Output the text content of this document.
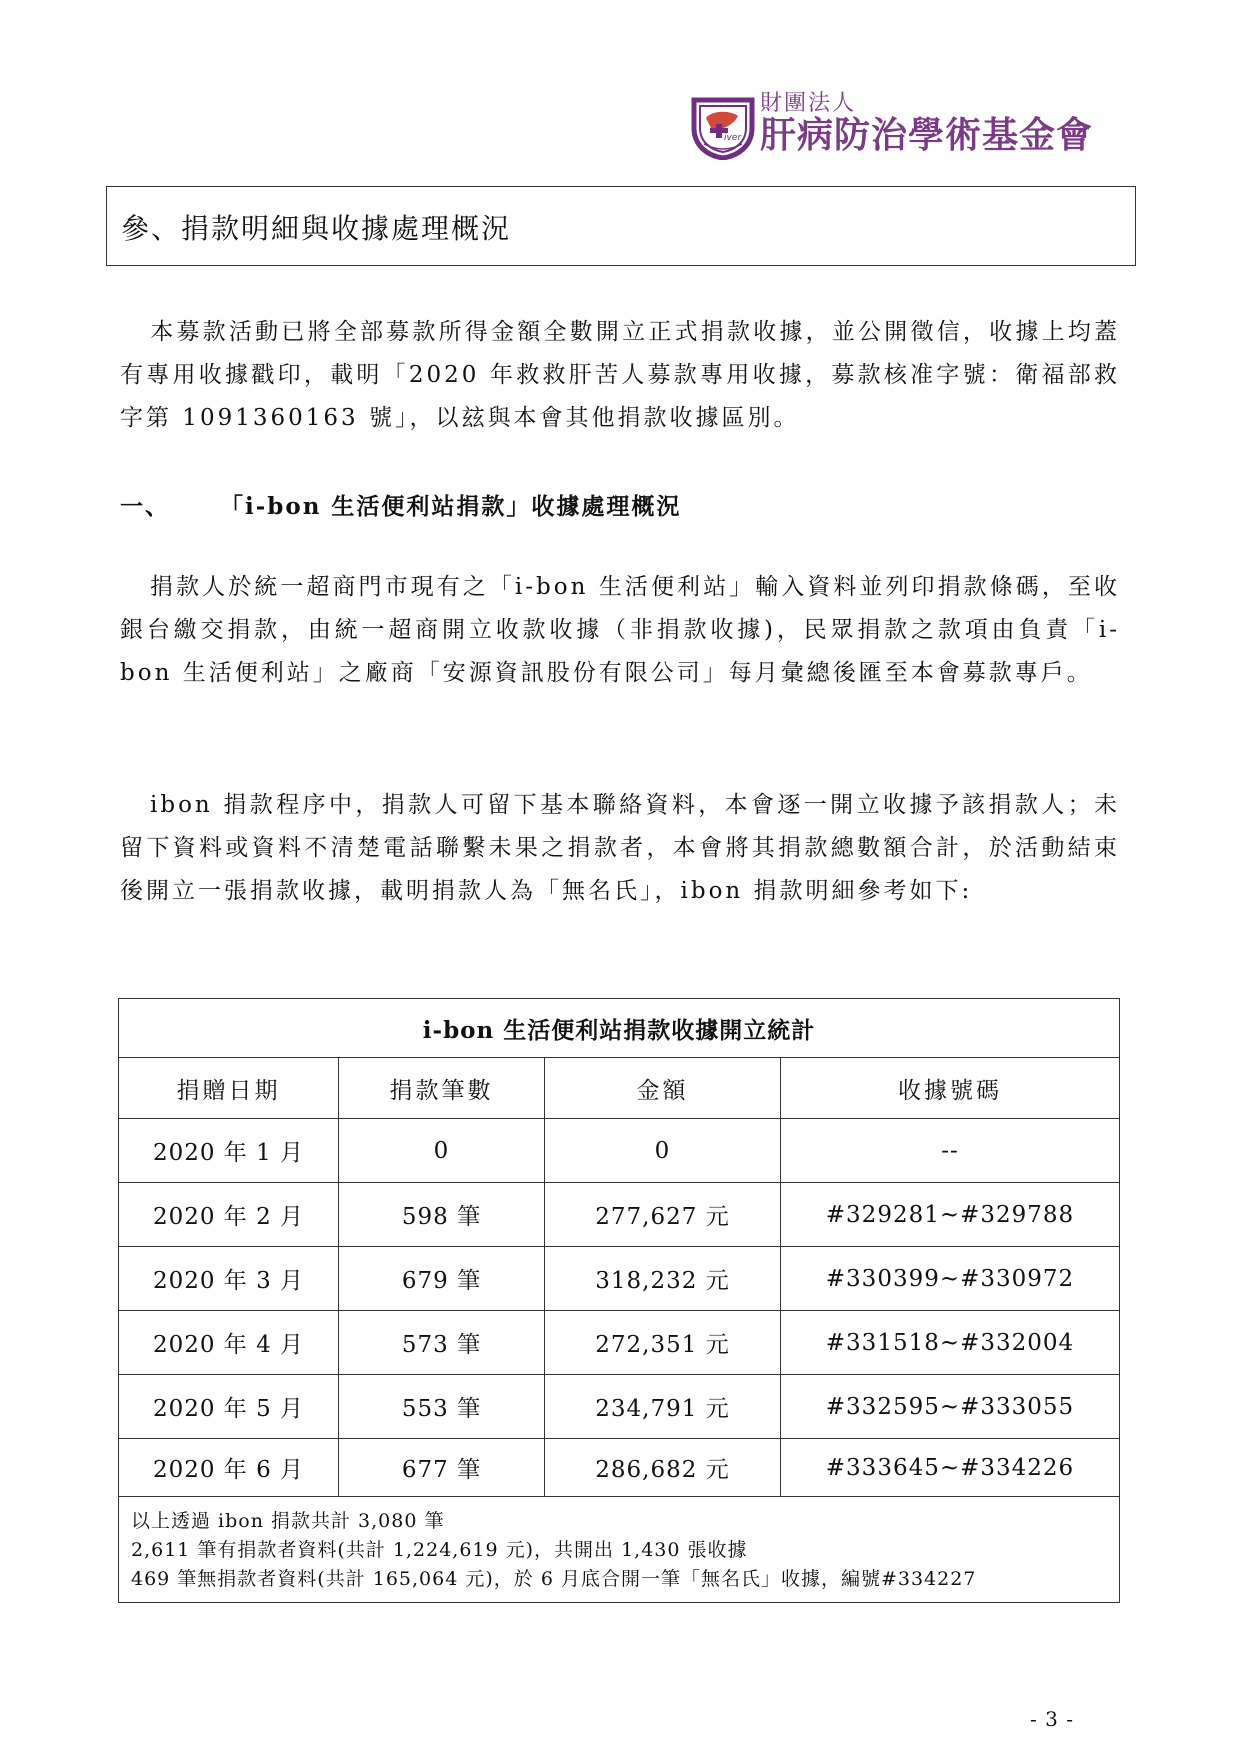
iver
財團法人
肝病防治學術基金會
參、捐款明細與收據處理概況

本募款活動已將全部募款所得金額全數開立正式捐款收據，並公開徵信，收據上均蓋有專用收據戳印，載明「2020 年救救肝苦人募款專用收據，募款核准字號：衛福部救字第 1091360163 號」，以玆與本會其他捐款收據區別。

一、 「i-bon 生活便利站捐款」收據處理概況

捐款人於統一超商門市現有之「i-bon 生活便利站」輸入資料並列印捐款條碼，至收銀台繳交捐款，由統一超商開立收款收據（非捐款收據)，民眾捐款之款項由負責「i-bon 生活便利站」之廠商「安源資訊股份有限公司」每月彙總後匯至本會募款專戶。

ibon 捐款程序中，捐款人可留下基本聯絡資料，本會逐一開立收據予該捐款人；未留下資料或資料不清楚電話聯繫未果之捐款者，本會將其捐款總數額合計，於活動結束後開立一張捐款收據，載明捐款人為「無名氏」，ibon 捐款明細參考如下:

i-bon 生活便利站捐款收據開立統計			
捐贈日期	捐款筆數	金額	收據號碼
2020 年 1 月	0	0	--
2020 年 2 月	598 筆	277,627 元	#329281~#329788
2020 年 3 月	679 筆	318,232 元	#330399~#330972
2020 年 4 月	573 筆	272,351 元	#331518~#332004
2020 年 5 月	553 筆	234,791 元	#332595~#333055
2020 年 6 月	677 筆	286,682 元	#333645~#334226

以上透過 ibon 捐款共計 3,080 筆
2,611 筆有捐款者資料(共計 1,224,619 元)，共開出 1,430 張收據
469 筆無捐款者資料(共計 165,064 元)，於 6 月底合開一筆「無名氏」收據，編號#334227			
- 3 -
